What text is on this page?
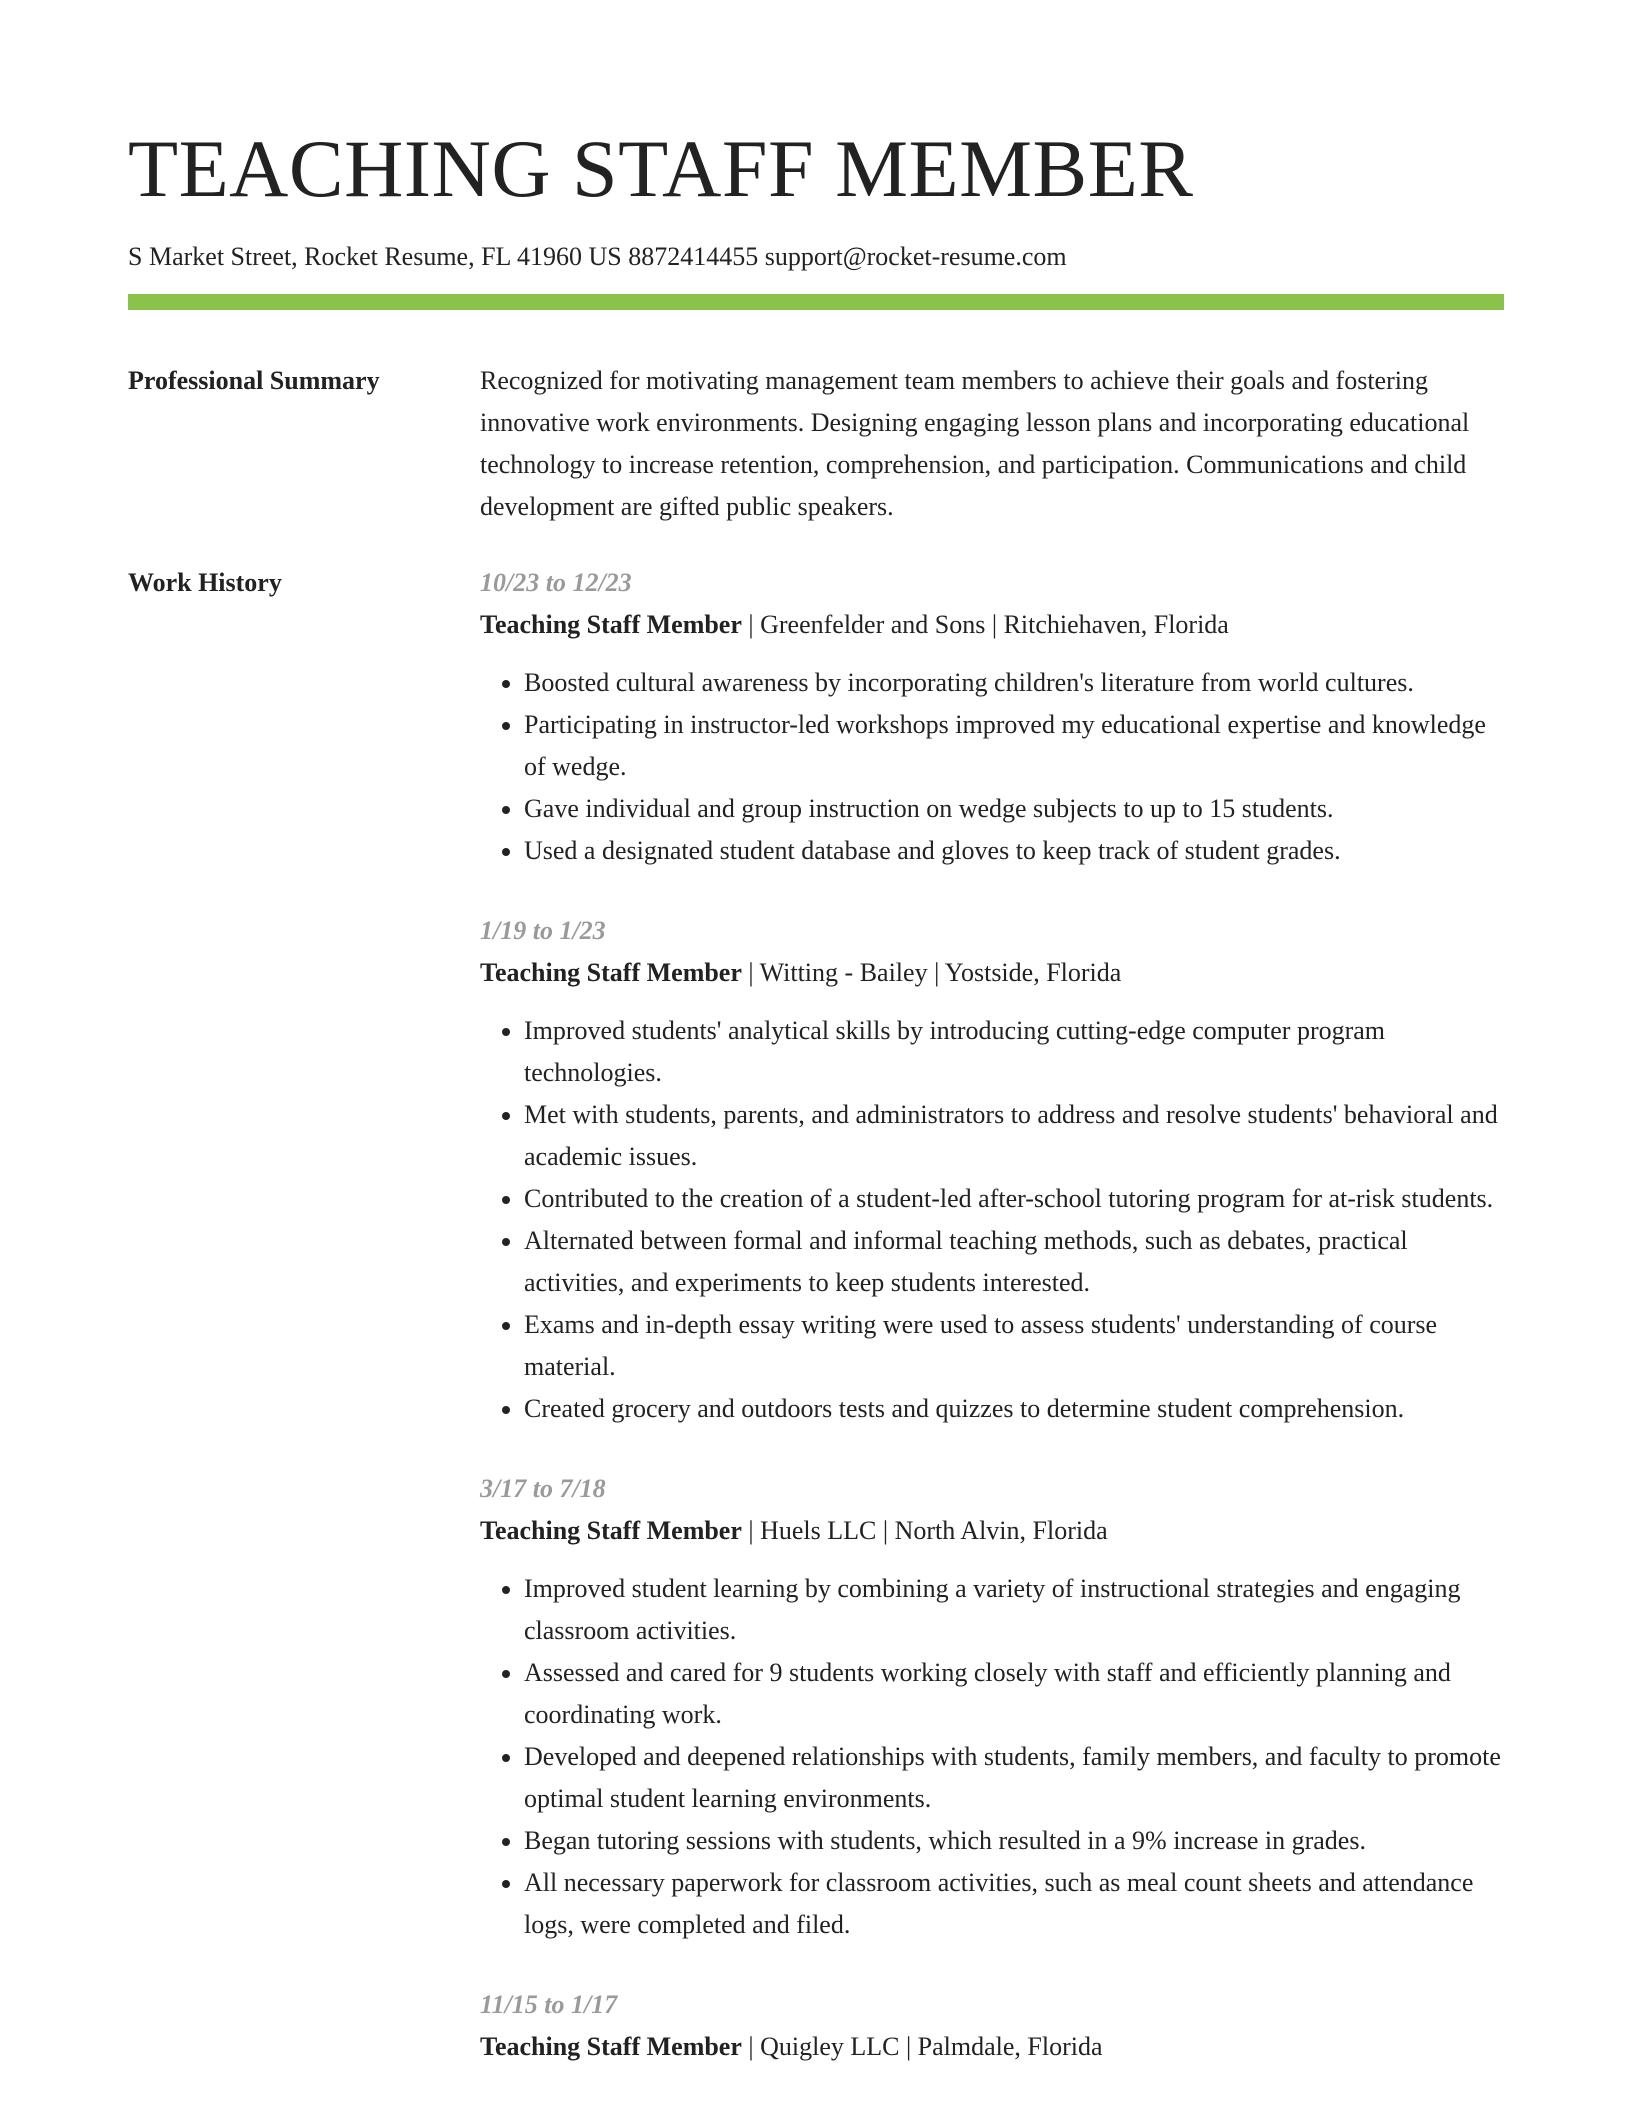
TEACHING STAFF MEMBER
S Market Street, Rocket Resume, FL 41960 US 8872414455 support@rocket-resume.com
Professional Summary	Recognized for motivating management team members to achieve their goals and fostering innovative work environments. Designing engaging lesson plans and incorporating educational technology to increase retention, comprehension, and participation. Communications and child development are gifted public speakers.

Work History	10/23 to 12/23
Teaching Staff Member | Greenfelder and Sons | Ritchiehaven, Florida
• Boosted cultural awareness by incorporating children's literature from world cultures.
• Participating in instructor-led workshops improved my educational expertise and knowledge of wedge.
• Gave individual and group instruction on wedge subjects to up to 15 students.
• Used a designated student database and gloves to keep track of student grades.
1/19 to 1/23
Teaching Staff Member | Witting - Bailey | Yostside, Florida
• Improved students' analytical skills by introducing cutting-edge computer program technologies.
• Met with students, parents, and administrators to address and resolve students' behavioral and academic issues.
• Contributed to the creation of a student-led after-school tutoring program for at-risk students.
• Alternated between formal and informal teaching methods, such as debates, practical activities, and experiments to keep students interested.
• Exams and in-depth essay writing were used to assess students' understanding of course material.
• Created grocery and outdoors tests and quizzes to determine student comprehension.
3/17 to 7/18
Teaching Staff Member | Huels LLC | North Alvin, Florida
• Improved student learning by combining a variety of instructional strategies and engaging classroom activities.
• Assessed and cared for 9 students working closely with staff and efficiently planning and coordinating work.
• Developed and deepened relationships with students, family members, and faculty to promote optimal student learning environments.
• Began tutoring sessions with students, which resulted in a 9% increase in grades.
• All necessary paperwork for classroom activities, such as meal count sheets and attendance logs, were completed and filed.
11/15 to 1/17
Teaching Staff Member | Quigley LLC | Palmdale, Florida
